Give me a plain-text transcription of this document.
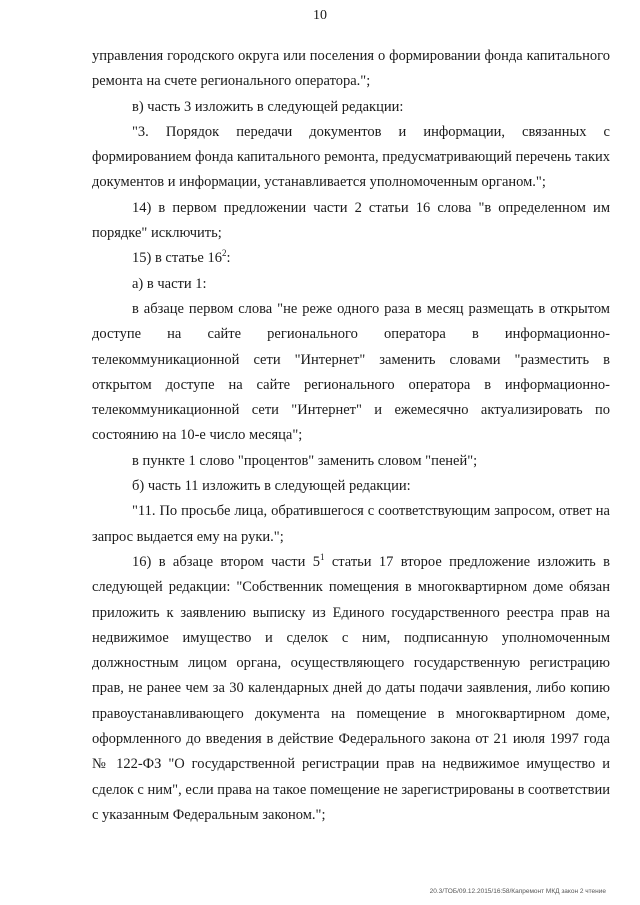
10

управления городского округа или поселения о формировании фонда капитального ремонта на счете регионального оператора.";

в) часть 3 изложить в следующей редакции:

"3. Порядок передачи документов и информации, связанных с формированием фонда капитального ремонта, предусматривающий перечень таких документов и информации, устанавливается уполномоченным органом.";

14) в первом предложении части 2 статьи 16 слова "в определенном им порядке" исключить;

15) в статье $16^2$:

а) в части 1:

в абзаце первом слова "не реже одного раза в месяц размещать в открытом доступе на сайте регионального оператора в информационно-телекоммуникационной сети "Интернет" заменить словами "разместить в открытом доступе на сайте регионального оператора в информационно-телекоммуникационной сети "Интернет" и ежемесячно актуализировать по состоянию на 10-е число месяца";

в пункте 1 слово "процентов" заменить словом "пеней";

б) часть 11 изложить в следующей редакции:

"11. По просьбе лица, обратившегося с соответствующим запросом, ответ на запрос выдается ему на руки.";

16) в абзаце втором части $5^1$ статьи 17 второе предложение изложить в следующей редакции: "Собственник помещения в многоквартирном доме обязан приложить к заявлению выписку из Единого государственного реестра прав на недвижимое имущество и сделок с ним, подписанную уполномоченным должностным лицом органа, осуществляющего государственную регистрацию прав, не ранее чем за 30 календарных дней до даты подачи заявления, либо копию правоустанавливающего документа на помещение в многоквартирном доме, оформленного до введения в действие Федерального закона от 21 июля 1997 года № 122-ФЗ "О государственной регистрации прав на недвижимое имущество и сделок с ним", если права на такое помещение не зарегистрированы в соответствии с указанным Федеральным законом.";

20.3/ТОБ/09.12.2015/16:58/Капремонт МКД закон 2 чтение
